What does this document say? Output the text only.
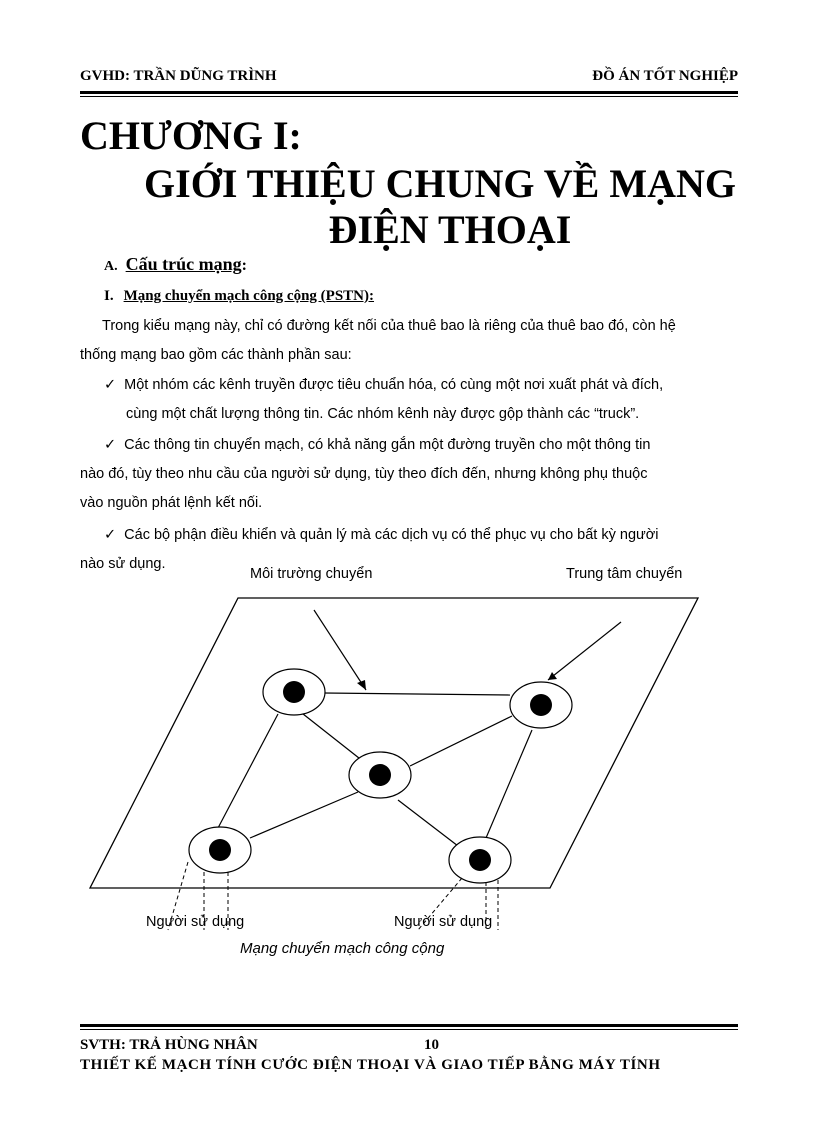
GVHD: TRẦN DŨNG TRÌNH	ĐỒ ÁN TỐT NGHIỆP
CHƯƠNG I:
GIỚI THIỆU CHUNG VỀ MẠNG
ĐIỆN THOẠI
A. Cấu trúc mạng:
I. Mạng chuyển mạch công cộng (PSTN):
Trong kiểu mạng này, chỉ có đường kết nối của thuê bao là riêng của thuê bao đó, còn hệ
thống mạng bao gồm các thành phần sau:
✓ Một nhóm các kênh truyền được tiêu chuẩn hóa, có cùng một nơi xuất phát và đích,
cùng một chất lượng thông tin. Các nhóm kênh này được gộp thành các “truck”.
✓ Các thông tin chuyển mạch, có khả năng gắn một đường truyền cho một thông tin
nào đó, tùy theo nhu cầu của người sử dụng, tùy theo đích đến, nhưng không phụ thuộc
vào nguồn phát lệnh kết nối.
✓ Các bộ phận điều khiển và quản lý mà các dịch vụ có thể phục vụ cho bất kỳ người
nào sử dụng.
Môi trường chuyển	Trung tâm chuyển
Người sử dụng	Người sử dụng
Mạng chuyển mạch công cộng
SVTH: TRẢ HÙNG NHÂN	10
THIẾT KẾ MẠCH TÍNH CƯỚC ĐIỆN THOẠI VÀ GIAO TIẾP BẰNG MÁY TÍNH
